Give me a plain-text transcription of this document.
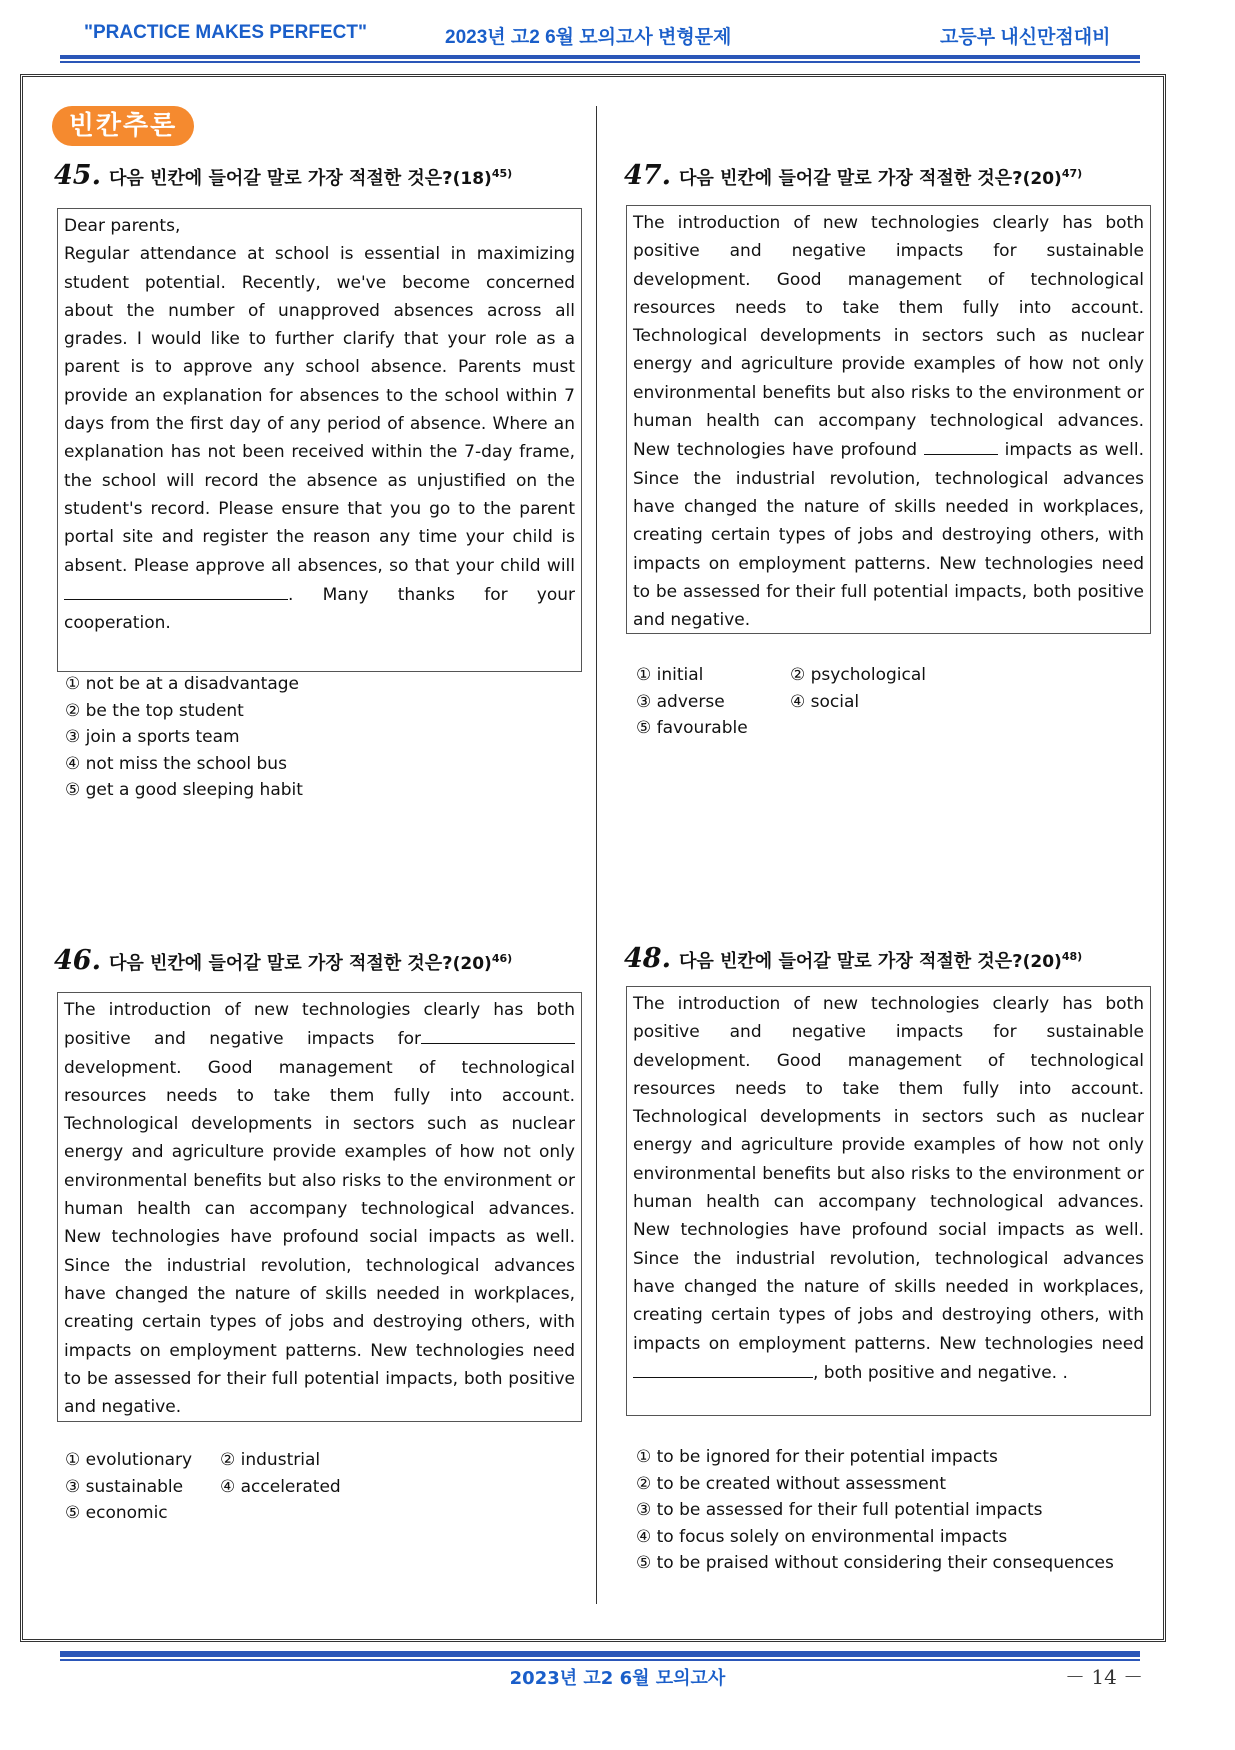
"PRACTICE MAKES PERFECT"	2023년 고2 6월 모의고사 변형문제	고등부 내신만점대비
빈칸추론
45. 다음 빈칸에 들어갈 말로 가장 적절한 것은$?(18)^{45)}$

Dear parents,

Regular attendance at school is essential in maximizing student potential. Recently, we've become concerned about the number of unapproved absences across all grades. I would like to further clarify that your role as a parent is to approve any school absence. Parents must provide an explanation for absences to the school within 7 days from the first day of any period of absence. Where an explanation has not been received within the 7-day frame, the school will record the absence as unjustified on the student's record. Please ensure that you go to the parent portal site and register the reason any time your child is absent. Please approve all absences, so that your child will . Many thanks for your cooperation.

① not be at a disadvantage
② be the top student
③ join a sports team
④ not miss the school bus
⑤ get a good sleeping habit
47. 다음 빈칸에 들어갈 말로 가장 적절한 것은$?(20)^{47)}$

The introduction of new technologies clearly has both positive and negative impacts for sustainable development. Good management of technological resources needs to take them fully into account. Technological developments in sectors such as nuclear energy and agriculture provide examples of how not only environmental benefits but also risks to the environment or human health can accompany technological advances. New technologies have profound	impacts as well. Since the industrial revolution, technological advances have changed the nature of skills needed in workplaces, creating certain types of jobs and destroying others, with impacts on employment patterns. New technologies need to be assessed for their full potential impacts, both positive and negative.

① initial	② psychological
③ adverse	④ social
⑤ favourable
46. 다음 빈칸에 들어갈 말로 가장 적절한 것은$?(20)^{46)}$

The introduction of new technologies clearly has both positive and negative impacts for development. Good management of technological resources needs to take them fully into account. Technological developments in sectors such as nuclear energy and agriculture provide examples of how not only environmental benefits but also risks to the environment or human health can accompany technological advances. New technologies have profound social impacts as well. Since the industrial revolution, technological advances have changed the nature of skills needed in workplaces, creating certain types of jobs and destroying others, with impacts on employment patterns. New technologies need to be assessed for their full potential impacts, both positive and negative.

① evolutionary ② industrial
③ sustainable ④ accelerated
⑤ economic
48. 다음 빈칸에 들어갈 말로 가장 적절한 것은$?(20)^{48)}$

The introduction of new technologies clearly has both positive and negative impacts for sustainable development. Good management of technological resources needs to take them fully into account. Technological developments in sectors such as nuclear energy and agriculture provide examples of how not only environmental benefits but also risks to the environment or human health can accompany technological advances. New technologies have profound social impacts as well. Since the industrial revolution, technological advances have changed the nature of skills needed in workplaces, creating certain types of jobs and destroying others, with impacts on employment patterns. New technologies need , both positive and negative. .

① to be ignored for their potential impacts
② to be created without assessment
③ to be assessed for their full potential impacts
④ to focus solely on environmental impacts
⑤ to be praised without considering their consequences
2023년 고2 6월 모의고사	－ 14 －
